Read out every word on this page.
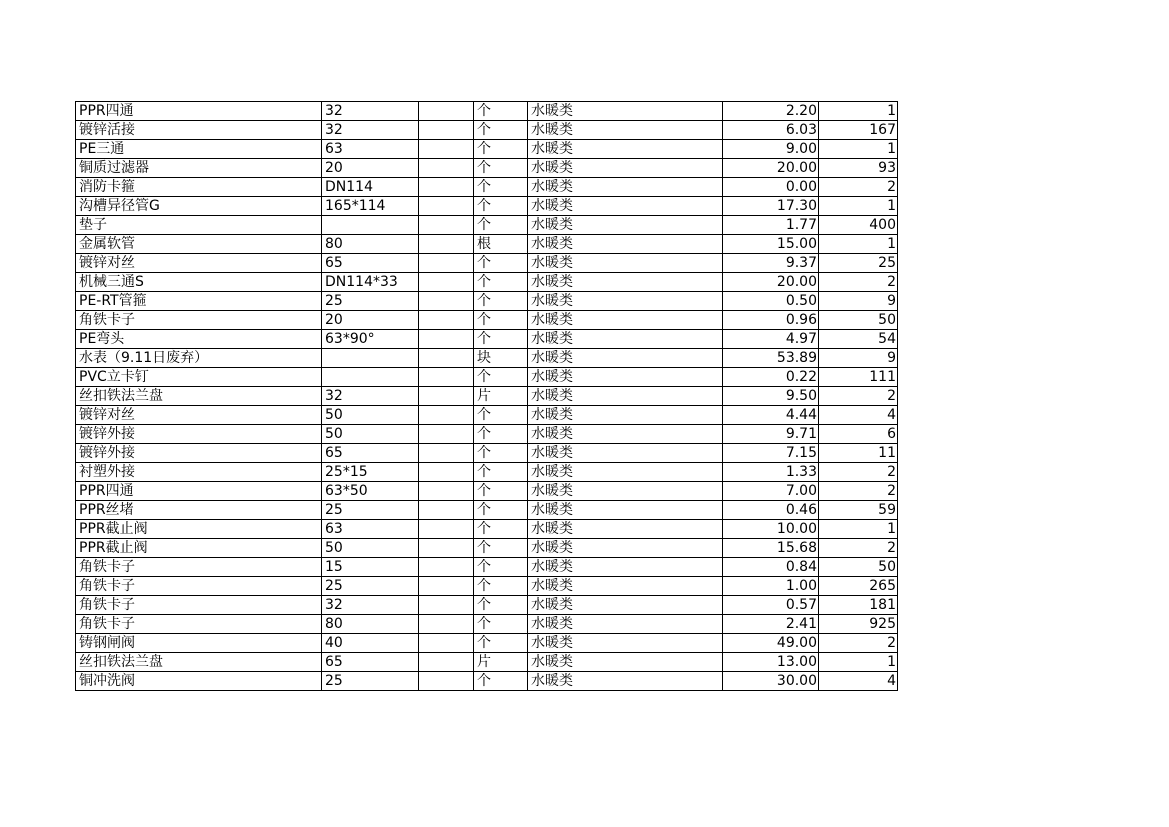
PPR四通	32		个	水暖类	2.20	1
镀锌活接	32		个	水暖类	6.03	167
PE三通	63		个	水暖类	9.00	1
铜质过滤器	20		个	水暖类	20.00	93
消防卡箍	DN114		个	水暖类	0.00	2
沟槽异径管G	165*114		个	水暖类	17.30	1
垫子			个	水暖类	1.77	400
金属软管	80		根	水暖类	15.00	1
镀锌对丝	65		个	水暖类	9.37	25
机械三通S	DN114*33		个	水暖类	20.00	2
PE-RT管箍	25		个	水暖类	0.50	9
角铁卡子	20		个	水暖类	0.96	50
PE弯头	63*90°		个	水暖类	4.97	54
水表（9.11日废弃）			块	水暖类	53.89	9
PVC立卡钉			个	水暖类	0.22	111
丝扣铁法兰盘	32		片	水暖类	9.50	2
镀锌对丝	50		个	水暖类	4.44	4
镀锌外接	50		个	水暖类	9.71	6
镀锌外接	65		个	水暖类	7.15	11
衬塑外接	25*15		个	水暖类	1.33	2
PPR四通	63*50		个	水暖类	7.00	2
PPR丝堵	25		个	水暖类	0.46	59
PPR截止阀	63		个	水暖类	10.00	1
PPR截止阀	50		个	水暖类	15.68	2
角铁卡子	15		个	水暖类	0.84	50
角铁卡子	25		个	水暖类	1.00	265
角铁卡子	32		个	水暖类	0.57	181
角铁卡子	80		个	水暖类	2.41	925
铸钢闸阀	40		个	水暖类	49.00	2
丝扣铁法兰盘	65		片	水暖类	13.00	1
铜冲洗阀	25		个	水暖类	30.00	4
